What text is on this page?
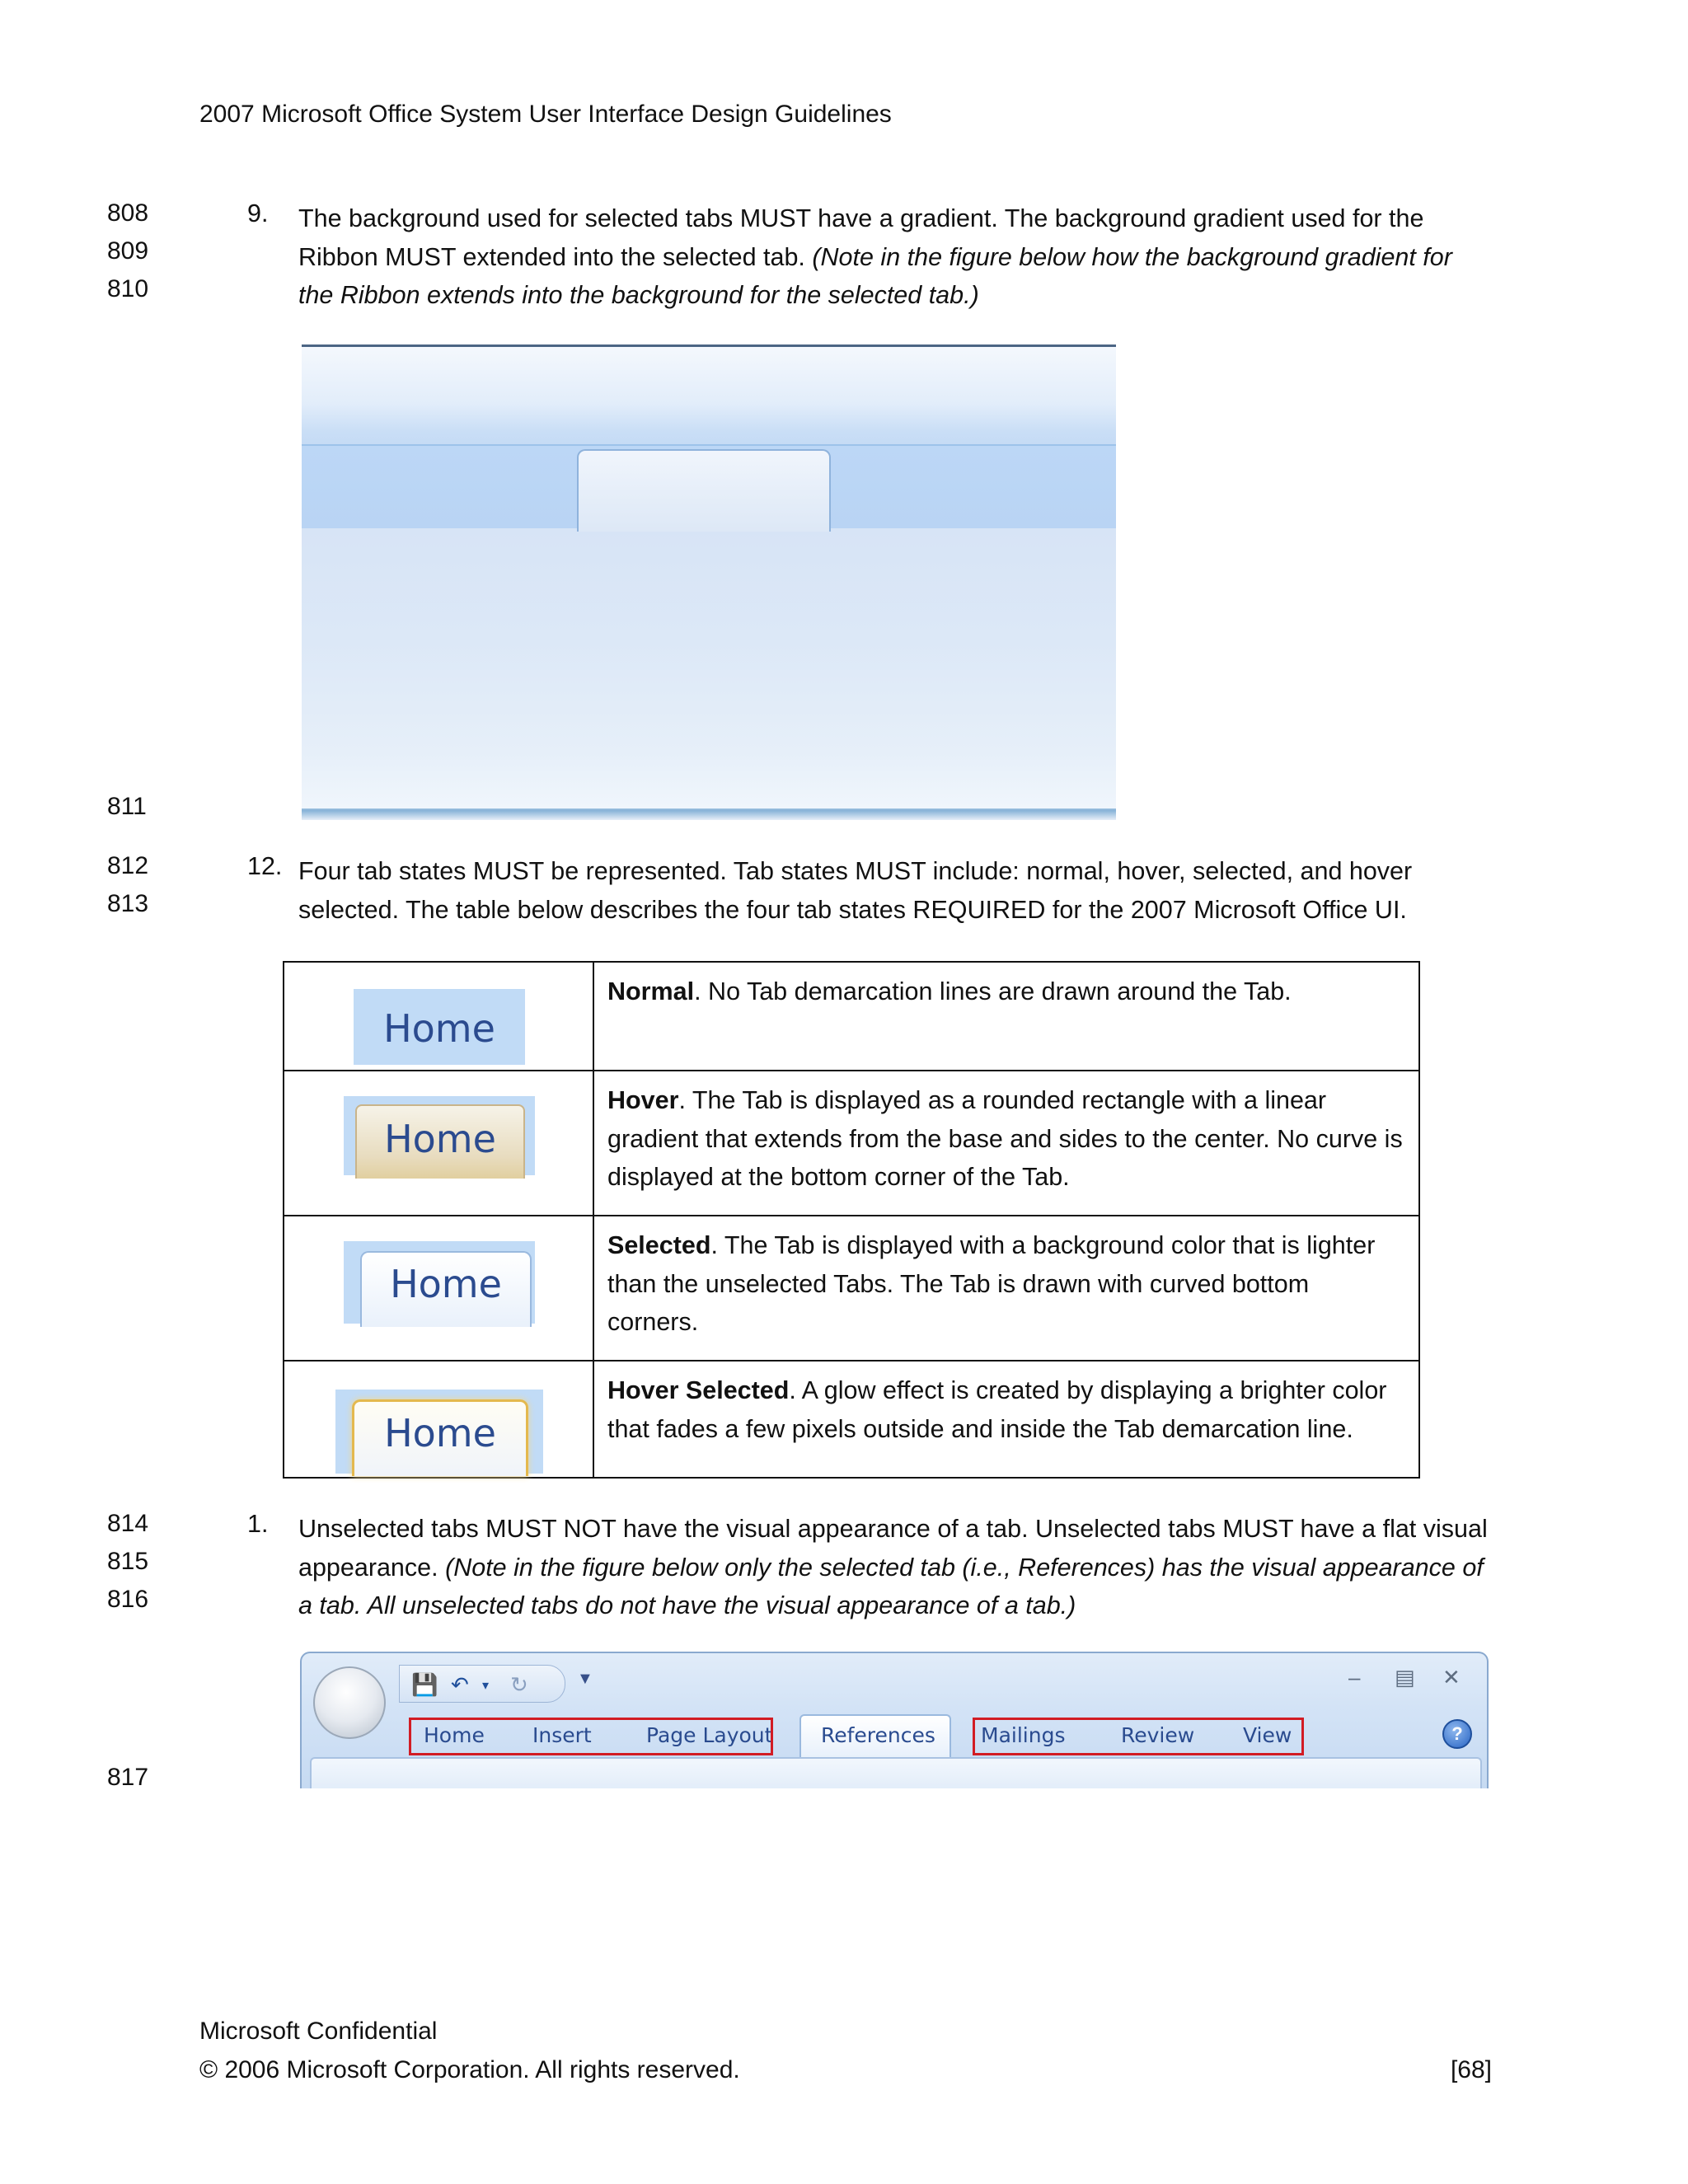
2007 Microsoft Office System User Interface Design Guidelines
808
809
810
9. The background used for selected tabs MUST have a gradient. The background gradient used for the
Ribbon MUST extended into the selected tab. (Note in the figure below how the background gradient for
the Ribbon extends into the background for the selected tab.)
811
812
813
12. Four tab states MUST be represented. Tab states MUST include: normal, hover, selected, and hover
selected. The table below describes the four tab states REQUIRED for the 2007 Microsoft Office UI.
Home	Normal. No Tab demarcation lines are drawn around the Tab.

Home	Hover. The Tab is displayed as a rounded rectangle with a linear gradient that extends from the base and sides to the center. No curve is displayed at the bottom corner of the Tab.

Home	Selected. The Tab is displayed with a background color that is lighter than the unselected Tabs. The Tab is drawn with curved bottom corners.

Home	Hover Selected. A glow effect is created by displaying a brighter color that fades a few pixels outside and inside the Tab demarcation line.
814
815
816
1. Unselected tabs MUST NOT have the visual appearance of a tab. Unselected tabs MUST have a flat visual
appearance. (Note in the figure below only the selected tab (i.e., References) has the visual appearance of
a tab. All unselected tabs do not have the visual appearance of a tab.)
💾 ↶ ▾ ↻	▼	– ▤ ✕
Home Insert	Page Layout References Mailings	Review View	?
817
Microsoft Confidential
© 2006 Microsoft Corporation. All rights reserved.	[68]
